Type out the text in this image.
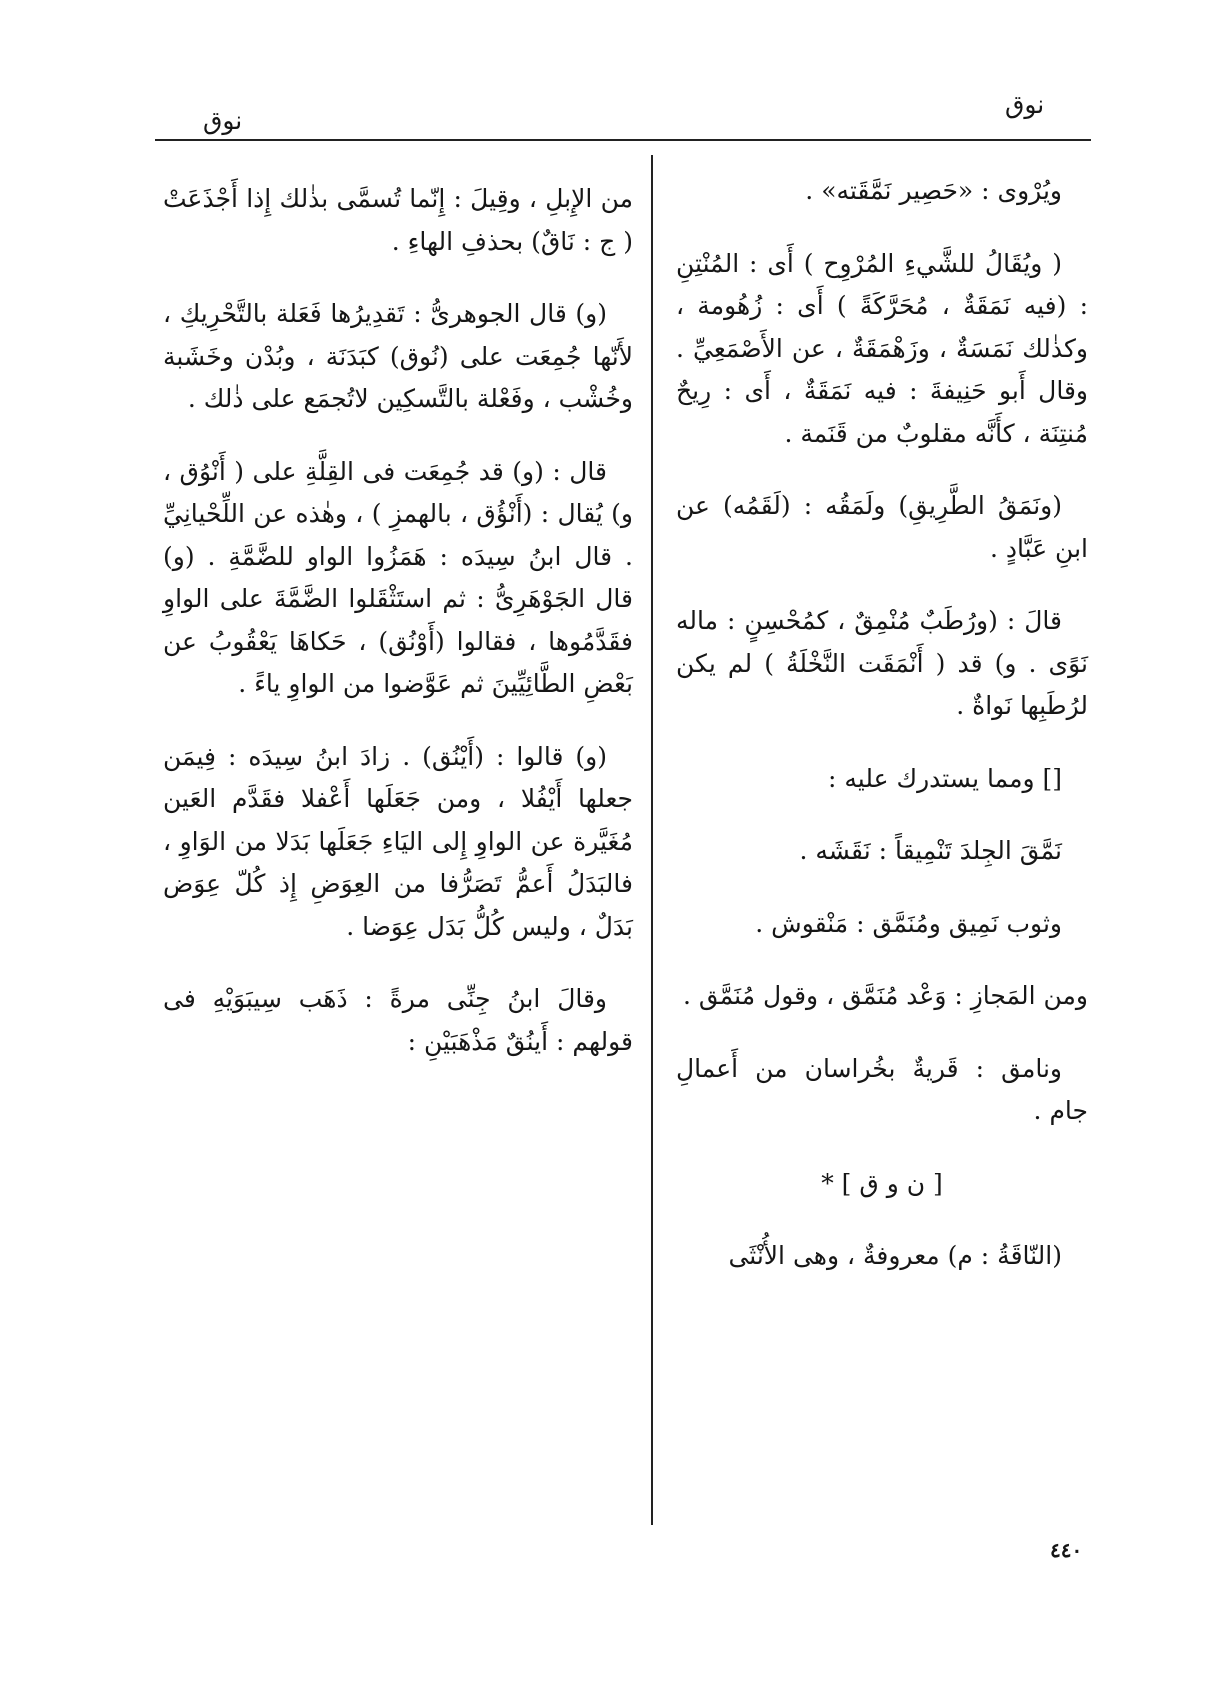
نوق
نوق

ويُرْوى : «حَصِير نَمَّقَته» .

( ويُقَالُ للشَّيءِ المُرْوِح ) أَى : المُنْتِنِ : (فيه نَمَقَةٌ ، مُحَرَّكَةً ) أَى : زُهُومة ، وكذٰلك نَمَسَةٌ ، وزَهْمَقَةٌ ، عن الأَصْمَعِيِّ . وقال أَبو حَنِيفةَ : فيه نَمَقَةٌ ، أَى : رِيحٌ مُنتِنَة ، كأَنَّه مقلوبٌ من قَنَمة .

(ونَمَقُ الطَّرِيقِ) ولَمَقُه : (لَقَمُه) عن ابنِ عَبَّادٍ .

قالَ : (ورُطَبٌ مُنْمِقٌ ، كمُحْسِنٍ : ماله نَوًى . و) قد ( أَنْمَقَت النَّخْلَةُ ) لم يكن لرُطَبِها نَواةٌ .

[] ومما يستدرك عليه :

نَمَّقَ الجِلدَ تَنْمِيقاً : نَقَشَه .

وثوب نَمِيق ومُنَمَّق : مَنْقوش .

ومن المَجازِ : وَعْد مُنَمَّق ، وقول مُنَمَّق .

ونامق : قَريةٌ بخُراسان من أَعمالِ جام .

[ ن و ق ] *

(النّاقَةُ : م) معروفةٌ ، وهى الأُنْثَى

من الإِبلِ ، وقِيلَ : إِنّما تُسمَّى بذٰلك إِذا أَجْذَعَتْ ( ج : نَاقٌ) بحذفِ الهاءِ .

(و) قال الجوهرىُّ : تَقدِيرُها فَعَلة بالتَّحْرِيكِ ، لأَنّها جُمِعَت على (نُوق) كبَدَنَة ، وبُدْن وخَشَبة وخُشْب ، وفَعْلة بالتَّسكِين لاتُجمَع على ذٰلك .

قال : (و) قد جُمِعَت فى القِلَّةِ على ( أَنْوُق ، و) يُقال : (أَنْؤُق ، بالهمزِ ) ، وهٰذه عن اللِّحْيانِيِّ . قال ابنُ سِيدَه : هَمَزُوا الواو للضَّمَّةِ . (و) قال الجَوْهَرِىُّ : ثم استَثْقَلوا الضَّمَّةَ على الواوِ فقَدَّمُوها ، فقالوا (أَوْنُق) ، حَكاهَا يَعْقُوبُ عن بَعْضِ الطَّائِيِّينَ ثم عَوَّضوا من الواوِ ياءً .

(و) قالوا : (أَيْنُق) . زادَ ابنُ سِيدَه : فِيمَن جعلها أَيْفُلا ، ومن جَعَلَها أَعْفلا فقَدَّم العَين مُغَيَّرة عن الواوِ إِلى اليَاءِ جَعَلَها بَدَلا من الوَاوِ ، فالبَدَلُ أَعمُّ تَصَرُّفا من العِوَضِ إِذ كُلّ عِوَض بَدَلٌ ، وليس كُلُّ بَدَل عِوَضا .

وقالَ ابنُ جِنِّى مرةً : ذَهَب سِيبَوَيْهِ فى قولهم : أَينُقٌ مَذْهَبَيْنِ :

٤٤٠
